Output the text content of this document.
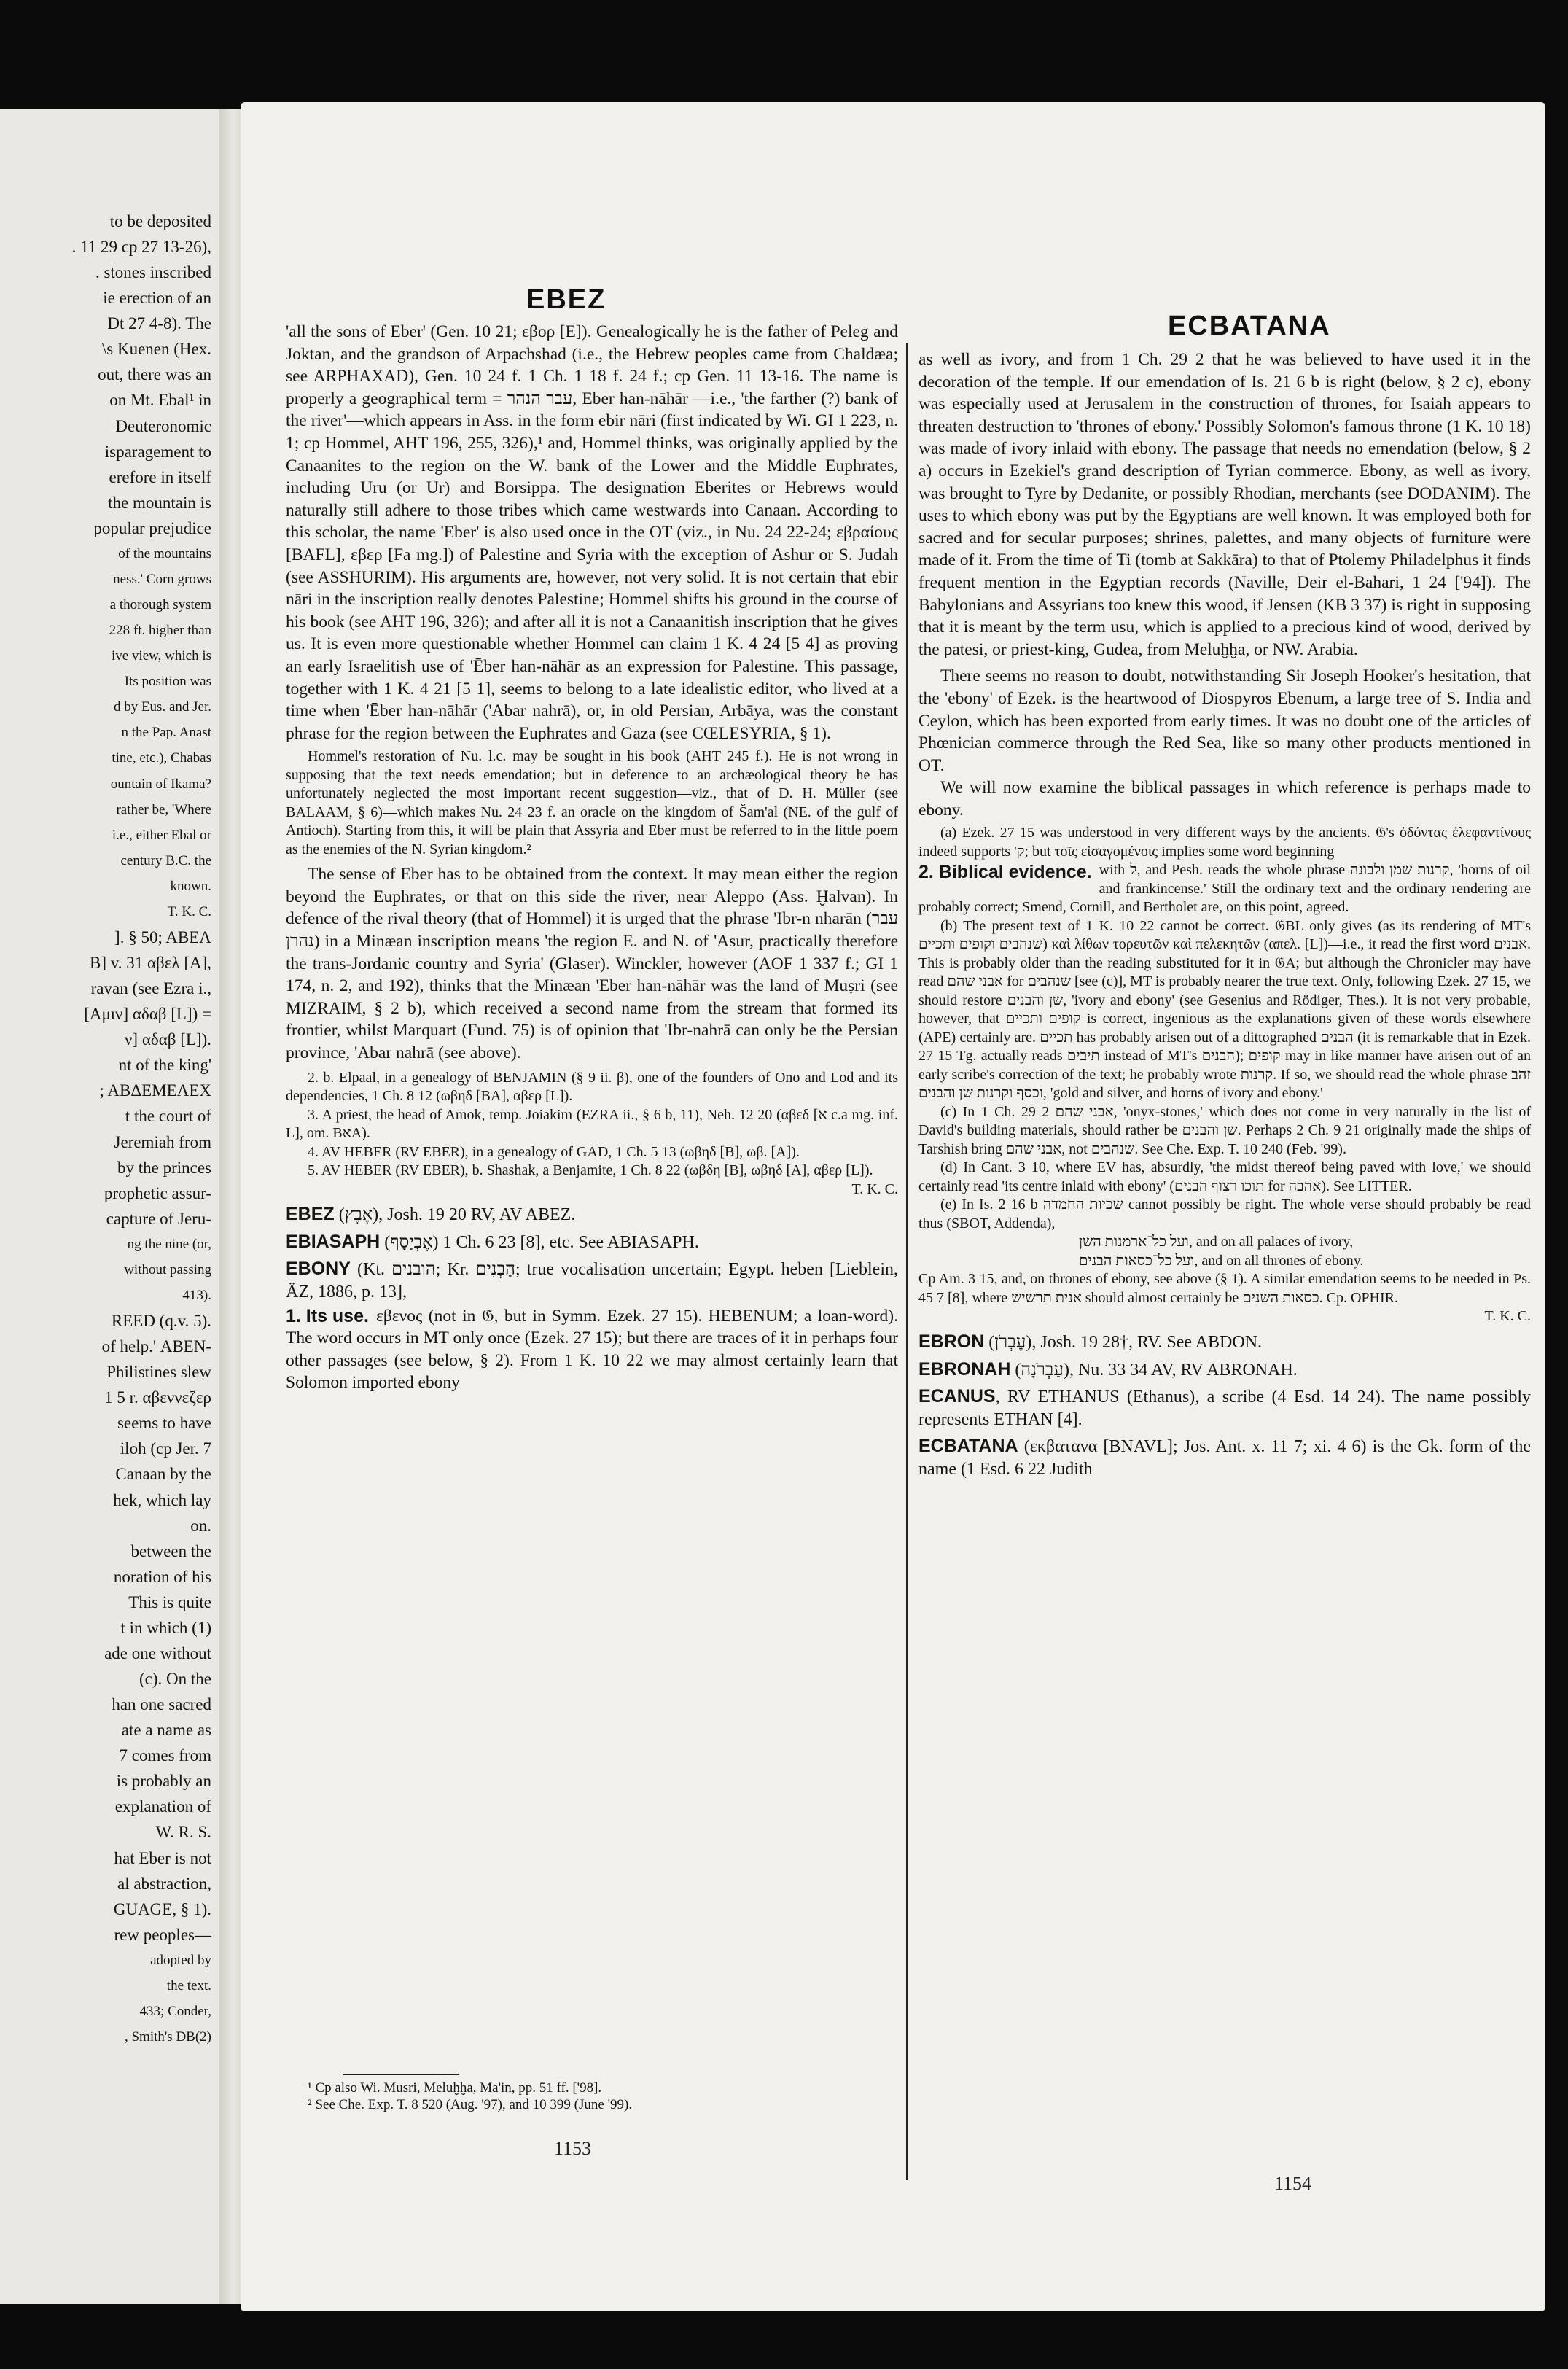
to be deposited
. 11 29 cp 27 13-26),
. stones inscribed
ie erection of an
Dt 27 4-8). The
\s Kuenen (Hex.
out, there was an
on Mt. Ebal¹ in
Deuteronomic
isparagement to
erefore in itself
the mountain is
popular prejudice
of the mountains
ness.' Corn grows
a thorough system
228 ft. higher than
ive view, which is
Its position was
d by Eus. and Jer.
n the Pap. Anast
tine, etc.), Chabas
ountain of Ikama?
rather be, 'Where
i.e., either Ebal or
century B.C. the
known.
T. K. C.
]. § 50; ΑΒΕΛ
B] v. 31 αβελ [A],
ravan (see Ezra i.,
[Aμιν] αδαβ [L]) =
ν] αδαβ [L]).
nt of the king'
; ΑΒΔΕΜΕΛΕΧ
t the court of
Jeremiah from
by the princes
prophetic assur-
capture of Jeru-
ng the nine (or,
without passing
413).
REED (q.v. 5).
of help.' ΑΒΕΝ-
Philistines slew
1 5 r. αβεννεζερ
seems to have
iloh (cp Jer. 7
Canaan by the
hek, which lay
on.
between the
noration of his
This is quite
t in which (1)
ade one without
(c). On the
han one sacred
ate a name as
7 comes from
is probably an
explanation of
W. R. S.
hat Eber is not
al abstraction,
GUAGE, § 1).
rew peoples—
adopted by
the text.
433; Conder,
, Smith's DB(2)
EBEZ
ECBATANA

'all the sons of Eber' (Gen. 10 21; εβορ [E]). Genealogically he is the father of Peleg and Joktan, and the grandson of Arpachshad (i.e., the Hebrew peoples came from Chaldæa; see ARPHAXAD), Gen. 10 24 f. 1 Ch. 1 18 f. 24 f.; cp Gen. 11 13-16. The name is properly a geographical term = עבר הנהר, Eber han-nāhār —i.e., 'the farther (?) bank of the river'—which appears in Ass. in the form ebir nāri (first indicated by Wi. GI 1 223, n. 1; cp Hommel, AHT 196, 255, 326),¹ and, Hommel thinks, was originally applied by the Canaanites to the region on the W. bank of the Lower and the Middle Euphrates, including Uru (or Ur) and Borsippa. The designation Eberites or Hebrews would naturally still adhere to those tribes which came westwards into Canaan. According to this scholar, the name 'Eber' is also used once in the OT (viz., in Nu. 24 22-24; εβραίους [BAFL], εβερ [Fa mg.]) of Palestine and Syria with the exception of Ashur or S. Judah (see ASSHURIM). His arguments are, however, not very solid. It is not certain that ebir nāri in the inscription really denotes Palestine; Hommel shifts his ground in the course of his book (see AHT 196, 326); and after all it is not a Canaanitish inscription that he gives us. It is even more questionable whether Hommel can claim 1 K. 4 24 [5 4] as proving an early Israelitish use of 'Ēber han-nāhār as an expression for Palestine. This passage, together with 1 K. 4 21 [5 1], seems to belong to a late idealistic editor, who lived at a time when 'Ēber han-nāhār ('Abar nahrā), or, in old Persian, Arbāya, was the constant phrase for the region between the Euphrates and Gaza (see CŒLESYRIA, § 1).

Hommel's restoration of Nu. l.c. may be sought in his book (AHT 245 f.). He is not wrong in supposing that the text needs emendation; but in deference to an archæological theory he has unfortunately neglected the most important recent suggestion—viz., that of D. H. Müller (see BALAAM, § 6)—which makes Nu. 24 23 f. an oracle on the kingdom of Šam'al (NE. of the gulf of Antioch). Starting from this, it will be plain that Assyria and Eber must be referred to in the little poem as the enemies of the N. Syrian kingdom.²

The sense of Eber has to be obtained from the context. It may mean either the region beyond the Euphrates, or that on this side the river, near Aleppo (Ass. Ḫalvan). In defence of the rival theory (that of Hommel) it is urged that the phrase 'Ibr-n nharān (עבר נהרן) in a Minæan inscription means 'the region E. and N. of 'Asur, practically therefore the trans-Jordanic country and Syria' (Glaser). Winckler, however (AOF 1 337 f.; GI 1 174, n. 2, and 192), thinks that the Minæan 'Eber han-nāhār was the land of Muṣri (see MIZRAIM, § 2 b), which received a second name from the stream that formed its frontier, whilst Marquart (Fund. 75) is of opinion that 'Ibr-nahrā can only be the Persian province, 'Abar nahrā (see above).

2. b. Elpaal, in a genealogy of BENJAMIN (§ 9 ii. β), one of the founders of Ono and Lod and its dependencies, 1 Ch. 8 12 (ωβηδ [BA], αβερ [L]).

3. A priest, the head of Amok, temp. Joiakim (EZRA ii., § 6 b, 11), Neh. 12 20 (αβεδ [א c.a mg. inf. L], om. BאA).

4. AV HEBER (RV EBER), in a genealogy of GAD, 1 Ch. 5 13 (ωβηδ [B], ωβ. [A]).

5. AV HEBER (RV EBER), b. Shashak, a Benjamite, 1 Ch. 8 22 (ωβδη [B], ωβηδ [A], αβερ [L]).

T. K. C.

EBEZ (אֶבֶץ), Josh. 19 20 RV, AV ABEZ.

EBIASAPH (אֶבְיָסָף) 1 Ch. 6 23 [8], etc. See ABIASAPH.

EBONY (Kt. הובנים; Kr. הָבְנִים; true vocalisation uncertain; Egypt. heben [Lieblein, ÄZ, 1886, p. 13],

1. Its use. εβενος (not in 𝔊, but in Symm. Ezek. 27 15). HEBENUM; a loan-word). The word occurs in MT only once (Ezek. 27 15); but there are traces of it in perhaps four other passages (see below, § 2). From 1 K. 10 22 we may almost certainly learn that Solomon imported ebony

¹ Cp also Wi. Musri, Meluḫḫa, Ma'in, pp. 51 ff. ['98].

² See Che. Exp. T. 8 520 (Aug. '97), and 10 399 (June '99).

1153

as well as ivory, and from 1 Ch. 29 2 that he was believed to have used it in the decoration of the temple. If our emendation of Is. 21 6 b is right (below, § 2 c), ebony was especially used at Jerusalem in the construction of thrones, for Isaiah appears to threaten destruction to 'thrones of ebony.' Possibly Solomon's famous throne (1 K. 10 18) was made of ivory inlaid with ebony. The passage that needs no emendation (below, § 2 a) occurs in Ezekiel's grand description of Tyrian commerce. Ebony, as well as ivory, was brought to Tyre by Dedanite, or possibly Rhodian, merchants (see DODANIM). The uses to which ebony was put by the Egyptians are well known. It was employed both for sacred and for secular purposes; shrines, palettes, and many objects of furniture were made of it. From the time of Ti (tomb at Sakkāra) to that of Ptolemy Philadelphus it finds frequent mention in the Egyptian records (Naville, Deir el-Bahari, 1 24 ['94]). The Babylonians and Assyrians too knew this wood, if Jensen (KB 3 37) is right in supposing that it is meant by the term usu, which is applied to a precious kind of wood, derived by the patesi, or priest-king, Gudea, from Meluḫḫa, or NW. Arabia.

There seems no reason to doubt, notwithstanding Sir Joseph Hooker's hesitation, that the 'ebony' of Ezek. is the heartwood of Diospyros Ebenum, a large tree of S. India and Ceylon, which has been exported from early times. It was no doubt one of the articles of Phœnician commerce through the Red Sea, like so many other products mentioned in OT.

We will now examine the biblical passages in which reference is perhaps made to ebony.

(a) Ezek. 27 15 was understood in very different ways by the ancients. 𝔊's ὀδόντας ἐλεφαντίνους indeed supports 'ק; but τοῖς εἰσαγομένοις implies some word beginning

2. Biblical evidence. with ל, and Pesh. reads the whole phrase קרנות שמן ולבונה, 'horns of oil and frankincense.' Still the ordinary text and the ordinary rendering are probably correct; Smend, Cornill, and Bertholet are, on this point, agreed.

(b) The present text of 1 K. 10 22 cannot be correct. 𝔊BL only gives (as its rendering of MT's שנהבים וקופים ותכיים) καὶ λίθων τορευτῶν καὶ πελεκητῶν (απελ. [L])—i.e., it read the first word אבנים. This is probably older than the reading substituted for it in 𝔊A; but although the Chronicler may have read אבני שהם for שנהבים [see (c)], MT is probably nearer the true text. Only, following Ezek. 27 15, we should restore שן והבנים, 'ivory and ebony' (see Gesenius and Rödiger, Thes.). It is not very probable, however, that קופים ותכיים is correct, ingenious as the explanations given of these words elsewhere (APE) certainly are. תכיים has probably arisen out of a dittographed הבנים (it is remarkable that in Ezek. 27 15 Tg. actually reads תיבים instead of MT's הבנים); קופים may in like manner have arisen out of an early scribe's correction of the text; he probably wrote קרנות. If so, we should read the whole phrase זהב וכסף וקרנות שן והבנים, 'gold and silver, and horns of ivory and ebony.'

(c) In 1 Ch. 29 2 אבני שהם, 'onyx-stones,' which does not come in very naturally in the list of David's building materials, should rather be שן והבנים. Perhaps 2 Ch. 9 21 originally made the ships of Tarshish bring אבני שהם, not שנהבים. See Che. Exp. T. 10 240 (Feb. '99).

(d) In Cant. 3 10, where EV has, absurdly, 'the midst thereof being paved with love,' we should certainly read 'its centre inlaid with ebony' (תוכו רצוף הבנים for אהבה). See LITTER.

(e) In Is. 2 16 b שכיות החמדה cannot possibly be right. The whole verse should probably be read thus (SBOT, Addenda),

ועל כל־ארמנות השן, and on all palaces of ivory,

ועל כל־כסאות הבנים, and on all thrones of ebony.

Cp Am. 3 15, and, on thrones of ebony, see above (§ 1). A similar emendation seems to be needed in Ps. 45 7 [8], where אנית תרשיש should almost certainly be כסאות השנים. Cp. OPHIR.

T. K. C.

EBRON (עֶבְרֹן), Josh. 19 28†, RV. See ABDON.

EBRONAH (עַבְרֹנָה), Nu. 33 34 AV, RV ABRONAH.

ECANUS, RV ETHANUS (Ethanus), a scribe (4 Esd. 14 24). The name possibly represents ETHAN [4].

ECBATANA (εκβατανα [BNAVL]; Jos. Ant. x. 11 7; xi. 4 6) is the Gk. form of the name (1 Esd. 6 22 Judith

1154
